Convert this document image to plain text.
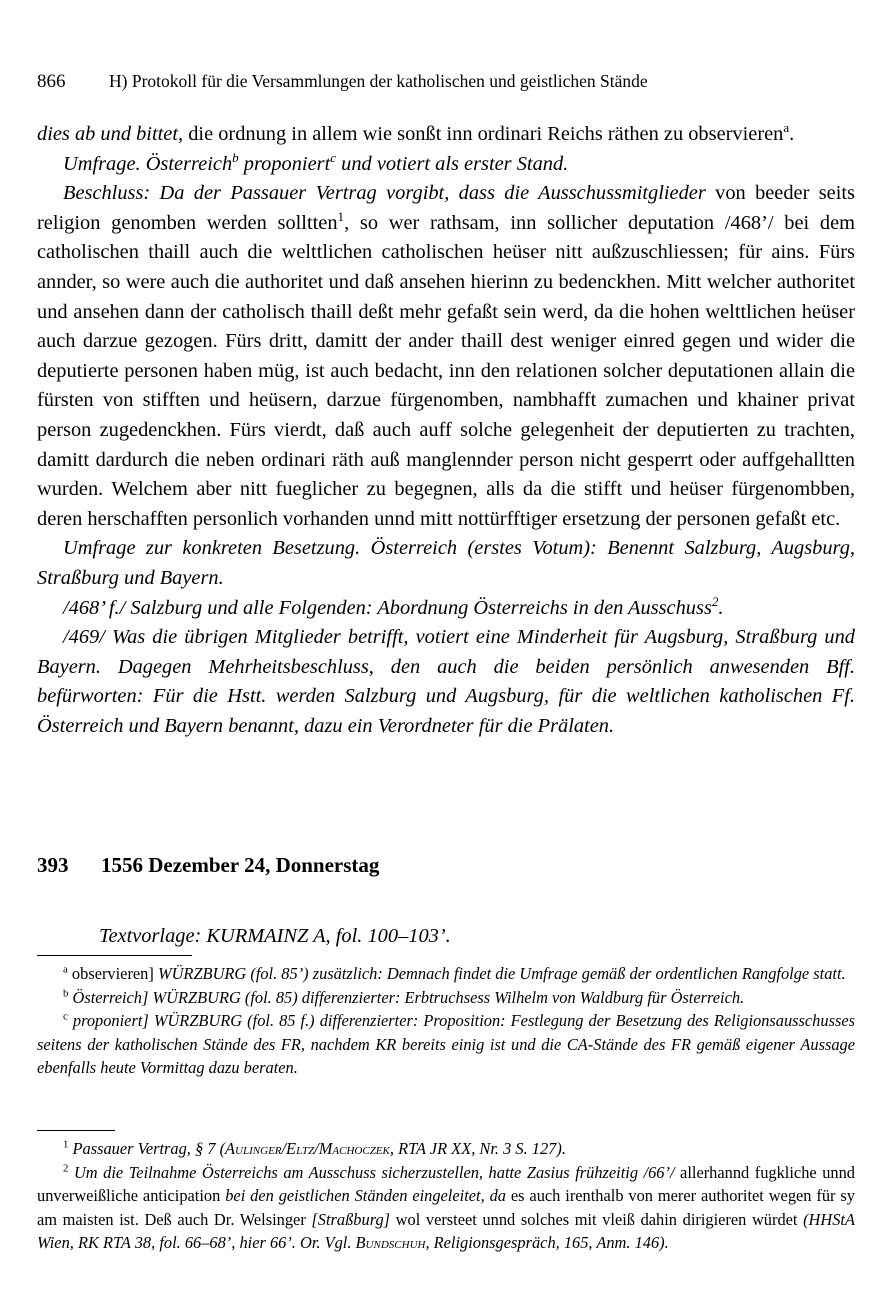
866 H) Protokoll für die Versammlungen der katholischen und geistlichen Stände

dies ab und bittet, die ordnung in allem wie sonßt inn ordinari Reichs räthen zu observieren$^a$.

Umfrage. Österreich$^b$ proponiert$^c$ und votiert als erster Stand.

Beschluss: Da der Passauer Vertrag vorgibt, dass die Ausschussmitglieder von beeder seits religion genomben werden solltten$^1$, so wer rathsam, inn sollicher deputation /468’/ bei dem catholischen thaill auch die welttlichen catholischen heüser nitt außzuschliessen; für ains. Fürs annder, so were auch die authoritet und daß ansehen hierinn zu bedenckhen. Mitt welcher authoritet und ansehen dann der catholisch thaill deßt mehr gefaßt sein werd, da die hohen welttlichen heüser auch darzue gezogen. Fürs dritt, damitt der ander thaill dest weniger einred gegen und wider die deputierte personen haben müg, ist auch bedacht, inn den relationen solcher deputationen allain die fürsten von stifften und heüsern, darzue fürgenomben, nambhafft zumachen und khainer privat person zugedenckhen. Fürs vierdt, daß auch auff solche gelegenheit der deputierten zu trachten, damitt dardurch die neben ordinari räth auß manglennder person nicht gesperrt oder auffgehalltten wurden. Welchem aber nitt fueglicher zu begegnen, alls da die stifft und heüser fürgenombben, deren herschafften personlich vorhanden unnd mitt nottürfftiger ersetzung der personen gefaßt etc.

Umfrage zur konkreten Besetzung. Österreich (erstes Votum): Benennt Salzburg, Augsburg, Straßburg und Bayern.

/468’ f./ Salzburg und alle Folgenden: Abordnung Österreichs in den Ausschuss$^2$.

/469/ Was die übrigen Mitglieder betrifft, votiert eine Minderheit für Augsburg, Straßburg und Bayern. Dagegen Mehrheitsbeschluss, den auch die beiden persönlich anwesenden Bff. befürworten: Für die Hstt. werden Salzburg und Augsburg, für die weltlichen katholischen Ff. Österreich und Bayern benannt, dazu ein Verordneter für die Prälaten.

393 1556 Dezember 24, Donnerstag
Textvorlage: KURMAINZ A, fol. 100–103’.

$^a$ observieren] WÜRZBURG (fol. 85’) zusätzlich: Demnach findet die Umfrage gemäß der ordentlichen Rangfolge statt.

$^b$ Österreich] WÜRZBURG (fol. 85) differenzierter: Erbtruchsess Wilhelm von Waldburg für Österreich.

$^c$ proponiert] WÜRZBURG (fol. 85 f.) differenzierter: Proposition: Festlegung der Besetzung des Religionsausschusses seitens der katholischen Stände des FR, nachdem KR bereits einig ist und die CA-Stände des FR gemäß eigener Aussage ebenfalls heute Vormittag dazu beraten.

$^1$ Passauer Vertrag, § 7 (Aulinger/Eltz/Machoczek, RTA JR XX, Nr. 3 S. 127).

$^2$ Um die Teilnahme Österreichs am Ausschuss sicherzustellen, hatte Zasius frühzeitig /66’/ allerhannd fugkliche unnd unverweißliche anticipation bei den geistlichen Ständen eingeleitet, da es auch irenthalb von merer authoritet wegen für sy am maisten ist. Deß auch Dr. Welsinger [Straßburg] wol versteet unnd solches mit vleiß dahin dirigieren würdet (HHStA Wien, RK RTA 38, fol. 66–68’, hier 66’. Or. Vgl. Bundschuh, Religionsgespräch, 165, Anm. 146).
